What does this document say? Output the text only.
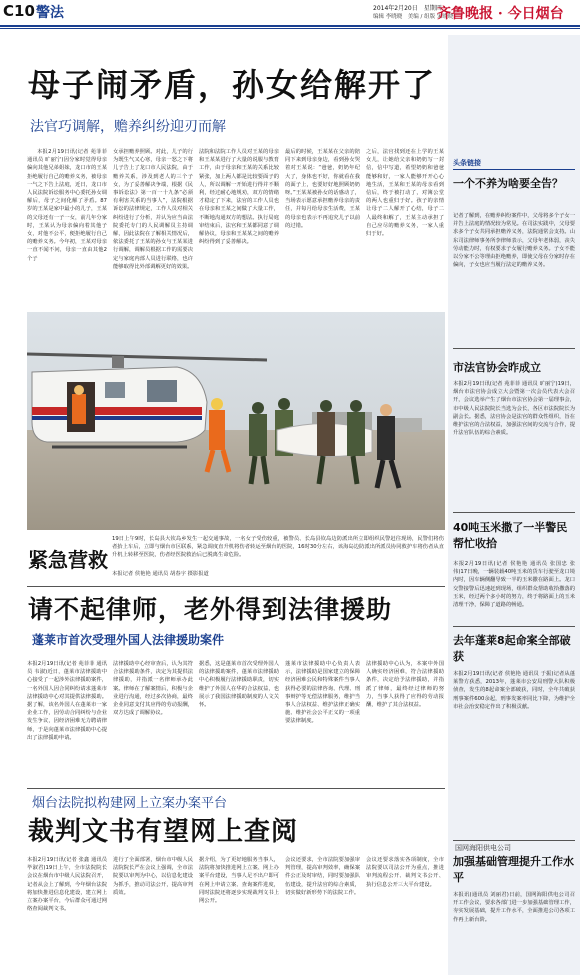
C10 警法	2014年2月20日　星期四
编辑 李晓晓　美编 / 组版 宋晓晓
齐鲁晚报 · 今日烟台
母子闹矛盾，孙女给解开了
法官巧调解，赡养纠纷迎刃而解
本报2月19日讯(记者 苑菲菲 通讯员 旷丽宁)因分家时觉得母亲偏向其他兄弟姐妹，龙口市的王某拒绝履行自己的赡养义务，被母亲一气之下告上法庭，近日，龙口市人民法院诉讼服务中心委托孙女调解后，母子之间化解了矛盾。87岁的王某是家中最小的儿子，王某的父母还有一子一女，前几年分家时，王某认为母亲偏向着其他子女，对他不公平，便拒绝履行自己的赡养义务。今年初，王某对母亲一直不闻不问，母亲一直由其他2个子
女承担赡养照顾。对此，儿子的行为既生气又心寒，母亲一怒之下将儿子告上了龙口市人民法院，由于赡养关系，涉及到老人的三个子女，为了妥善解决争端，根据《民事诉讼法》第一百一十九条“必须有利害关系的当事人”，法院根据诉讼的法律规定，工作人员对相关纠纷进行了分析，并认为应当由法院委托专门的人民调解员主持调解，因此法院在了解相关情况后，依法委托了王某的孙女与王某某进行调解，调解员根据工作的需要决定与家庭内部人员进行联络，也许能够取得比外部调解更好的效果。
法院和法院工作人员对王某的母亲和王某某进行了大量的说服与教育工作，由于母亲和王某的关系比较紧张，加上两人都是比较要面子的人，所以调解一开始进行得并不顺利，经过耐心地规劝，双方的情绪才稳定了下来，法官的工作人员也在母亲和王某之间做了大量工作，不断地沟通双方的想法。执行局庭审结束后，法官和王某都同意了调解协议，母亲和王某某之间的赡养纠纷得到了妥善解决。
最后的时候，王某某在父亲的陪同下来到母亲身边，看到孙女哭着对王某说：“爸爸，奶奶年纪大了，身体也不好，你就看在我的面子上，也要好好地照顾奶奶呀。”王某某被孙女的话感动了，当场表示愿意承担赡养母亲的责任，并每月给母亲生活费，王某的母亲也表示不再追究儿子以前的过错。
之后，法官找到还在上学的王某女儿，让她给父亲和奶奶写一封信，信中写道，希望奶奶和爸爸能够和好，一家人能够开开心心地生活，王某和王某的母亲看到信后，终于被打动了，对簿公堂的两人也重归于好。孩子的亲情让母子二人解开了心结，母子二人最终和解了，王某主动承担了自己应尽的赡养义务，一家人重归于好。
紧急营救
19日上午9时，长岛县大钦岛乡发生一起交通事故，一名女子受伤较重，被警员、长岛县钦岛边防派出所立即组织民警赶往现场，民警们将伤者抬上车后，立即与烟台市区联系，紧急调度直升机将伤者转运至烟台的医院，16时30分左右，该海岛边防派出所派员协同救护车将伤者从直升机上转移至医院，伤者经医院救治后已脱离生命危险。
本报记者 侯艳艳 通讯员 胡春宇 摄影报道
请不起律师，老外得到法律援助
蓬莱市首次受理外国人法律援助案件
本报2月19日讯(记者 苑菲菲 通讯员 韦淑)近日，蓬莱市法律援助中心接受了一起涉外法律援助案件，一名外国人因合同纠纷请求蓬莱市法律援助中心对其提供法律援助。据了解，该名外国人在蓬莱市一家企业工作，因劳动合同纠纷与企业发生争议，因经济困难无力聘请律师，于是向蓬莱市法律援助中心提出了法律援助申请。
法律援助中心经审查后，认为其符合法律援助条件，决定为其提供法律援助，并指派一名律师承办此案。律师在了解案情后，积极与企业进行沟通，经过多次协商，最终企业同意支付其应得的劳动报酬，双方达成了调解协议。
据悉，这是蓬莱市首次受理外国人的法律援助案件，蓬莱市法律援助中心积极履行法律援助职责，切实维护了外国人在华的合法权益，也展示了我国法律援助制度的人文关怀。
蓬莱市法律援助中心负责人表示，法律援助是国家建立的保障经济困难公民和特殊案件当事人获得必要的法律咨询、代理、刑事辩护等无偿法律服务，维护当事人合法权益、维护法律正确实施、维护社会公平正义的一项重要法律制度。
法律援助中心认为，本案中外国人确实经济困难，符合法律援助条件，决定给予法律援助，并指派了律师，最终经过律师的努力，当事人获得了应得的劳动报酬，维护了其合法权益。
烟台法院拟构建网上立案办案平台
裁判文书有望网上查阅
本报2月19日讯(记者 张鑫 通讯员 毕淑君)19日上午，全市法院院长会议在烟台市中级人民法院召开，记者从会上了解到，今年烟台法院将加快推进信息化建设，建立网上立案办案平台，今后群众可通过网络查阅裁判文书。
进行了全面部署，烟台市中级人民法院院长严在会议上强调，全市法院要以审判为中心，以信息化建设为抓手，推动司法公开，提高审判质效。
据介绍，为了更好地服务当事人，法院将加快推进网上立案、网上办案平台建设，当事人足不出户即可在网上申请立案、查询案件进度，同时法院还将逐步实现裁判文书上网公开。
会议还要求，全市法院要加强审判管理，提高审判效率，确保案件公正及时审结，同时要加强队伍建设，提升法官的综合素质，切实做好新形势下的法院工作。
会议还要求落实各项制度，全市法院要以司法公开为重点，推进审判流程公开、裁判文书公开、执行信息公开三大平台建设。
头条链接
一个不养为啥要全告？
记者了解到，在赡养纠纷案件中，父母将多个子女一并告上法庭的情况较为常见。在司法实践中，父母要求多个子女共同承担赡养义务，法院通常会支持。山东司法律师事务所李律师表示，父母年老体弱，丧失劳动能力时，有权要求子女履行赡养义务。子女不能以分家不公等理由拒绝赡养，即使父母在分家时存在偏向，子女也应当履行法定的赡养义务。
市法官协会昨成立
本报2月19日讯(记者 苑菲菲 通讯员 旷丽宁)19日，烟台市法官协会成立大会暨第一次会员代表大会召开，会议选举产生了烟台市法官协会第一届理事会，市中级人民法院院长当选为会长，各区市法院院长为副会长。据悉，法官协会是法官的群众性组织，旨在维护法官的合法权益，加强法官间的交流与合作，提升法官队伍的综合素质。
40吨玉米撒了一半警民帮忙收拾
本报2月19日讯(记者 侯艳艳 通讯员 张国忠 张伟)17日晚，一辆装载40吨玉米的货车行驶至龙口境内时，因车辆侧翻导致一半的玉米撒在路面上。龙口交警接警后迅速赶到现场，组织群众帮助收拾撒落的玉米，经过两个多小时的努力，终于将路面上的玉米清理干净，保障了道路的畅通。
去年蓬莱8起命案全部破获
本报2月19日讯(记者 侯艳艳 通讯员 于振)记者从蓬莱警方获悉，2013年，蓬莱市公安局刑警大队积极侦查，发生的8起命案全部破获，同时，全年共破获刑事案件600余起，刑事发案率同比下降，为维护全市社会治安稳定作出了积极贡献。
国网海阳供电公司
加强基础管理提升工作水平
本报讯(通讯员 刘丽君)日前，国网海阳供电公司召开工作会议，要求各部门进一步加强基础管理工作，夯实发展基础，提升工作水平，全面推进公司各项工作再上新台阶。
